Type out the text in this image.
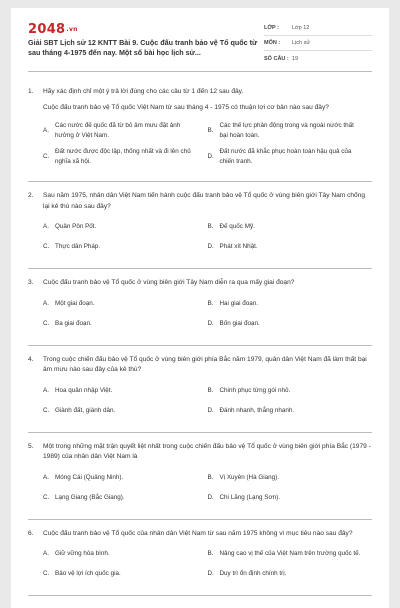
2048.vn
Giải SBT Lịch sử 12 KNTT Bài 9. Cuộc đấu tranh bảo vệ Tổ quốc từ sau tháng 4-1975 đến nay. Một số bài học lịch sử...
LỚP :	Lớp 12
MÔN :	Lịch sử
SỐ CÂU : 19
1.	Hãy xác định chỉ một ý trả lời đúng cho các câu từ 1 đến 12 sau đây.
Cuộc đấu tranh bảo vệ Tổ quốc Việt Nam từ sau tháng 4 - 1975 có thuận lợi cơ bản nào sau đây?
A.
Các nước đế quốc đã từ bỏ âm mưu đặt ảnh hưởng ở Việt Nam.
B.
Các thế lực phản động trong và ngoài nước thất bại hoàn toàn.
C.
Đất nước được độc lập, thống nhất và đi lên chủ nghĩa xã hội.
D.
Đất nước đã khắc phục hoàn toàn hậu quả của chiến tranh.
2.	Sau năm 1975, nhân dân Việt Nam tiến hành cuộc đấu tranh bảo vệ Tổ quốc ở vùng biên giới Tây Nam chống lại kẻ thù nào sau đây?
A. Quân Pôn Pốt.	B. Đế quốc Mỹ.
C. Thực dân Pháp.	D. Phát xít Nhật.
3.	Cuộc đấu tranh bảo vệ Tổ quốc ở vùng biên giới Tây Nam diễn ra qua mấy giai đoạn?
A. Một giai đoạn.	B. Hai giai đoạn.
C. Ba giai đoạn.	D. Bốn giai đoạn.
4.	Trong cuộc chiến đấu bảo vệ Tổ quốc ở vùng biên giới phía Bắc năm 1979, quân dân Việt Nam đã làm thất bại âm mưu nào sau đây của kẻ thù?
A. Hoa quân nhập Việt.	B. Chinh phục từng gói nhỏ.
C. Giành đất, giành dân.	D. Đánh nhanh, thắng nhanh.
5.	Một trong những mặt trận quyết liệt nhất trong cuộc chiến đấu bảo vệ Tổ quốc ở vùng biên giới phía Bắc (1979 - 1989) của nhân dân Việt Nam là
A. Móng Cái (Quảng Ninh).	B. Vị Xuyên (Hà Giang).
C. Lạng Giang (Bắc Giang).	D. Chi Lăng (Lạng Sơn).
6.	Cuộc đấu tranh bảo vệ Tổ quốc của nhân dân Việt Nam từ sau năm 1975 không vì mục tiêu nào sau đây?
A. Giữ vững hòa bình.	B. Nâng cao vị thế của Việt Nam trên trường quốc tế.
C. Bảo vệ lợi ích quốc gia.	D. Duy trì ổn định chính trị.
